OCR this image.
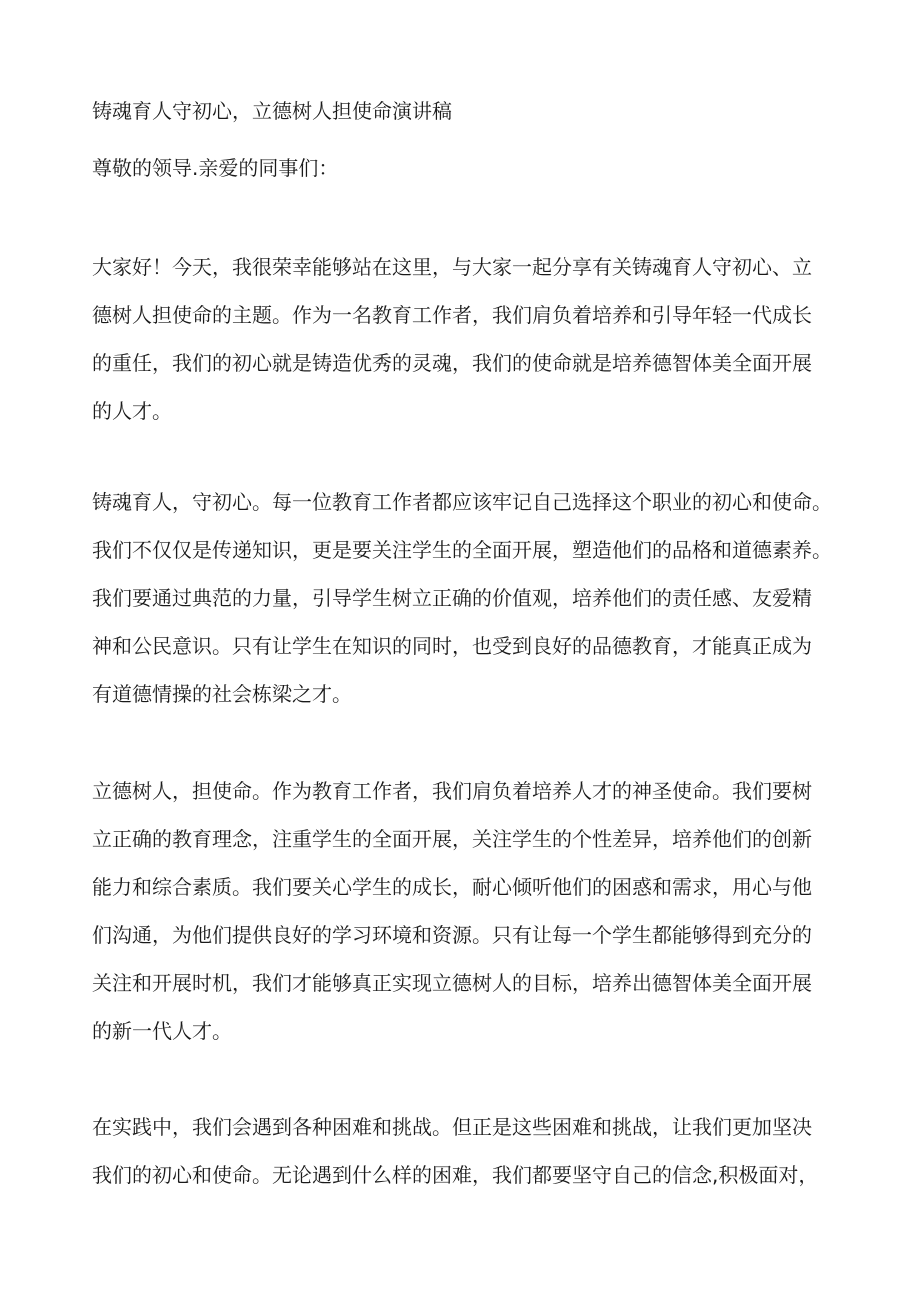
铸魂育人守初心，立德树人担使命演讲稿

尊敬的领导.亲爱的同事们：

大家好！今天，我很荣幸能够站在这里，与大家一起分享有关铸魂育人守初心、立
德树人担使命的主题。作为一名教育工作者，我们肩负着培养和引导年轻一代成长
的重任，我们的初心就是铸造优秀的灵魂，我们的使命就是培养德智体美全面开展
的人才。
铸魂育人，守初心。每一位教育工作者都应该牢记自己选择这个职业的初心和使命。
我们不仅仅是传递知识，更是要关注学生的全面开展，塑造他们的品格和道德素养。
我们要通过典范的力量，引导学生树立正确的价值观，培养他们的责任感、友爱精
神和公民意识。只有让学生在知识的同时，也受到良好的品德教育，才能真正成为
有道德情操的社会栋梁之才。
立德树人，担使命。作为教育工作者，我们肩负着培养人才的神圣使命。我们要树
立正确的教育理念，注重学生的全面开展，关注学生的个性差异，培养他们的创新
能力和综合素质。我们要关心学生的成长，耐心倾听他们的困惑和需求，用心与他
们沟通，为他们提供良好的学习环境和资源。只有让每一个学生都能够得到充分的
关注和开展时机，我们才能够真正实现立德树人的目标，培养出德智体美全面开展
的新一代人才。
在实践中，我们会遇到各种困难和挑战。但正是这些困难和挑战，让我们更加坚决
我们的初心和使命。无论遇到什么样的困难，我们都要坚守自己的信念,积极面对，
